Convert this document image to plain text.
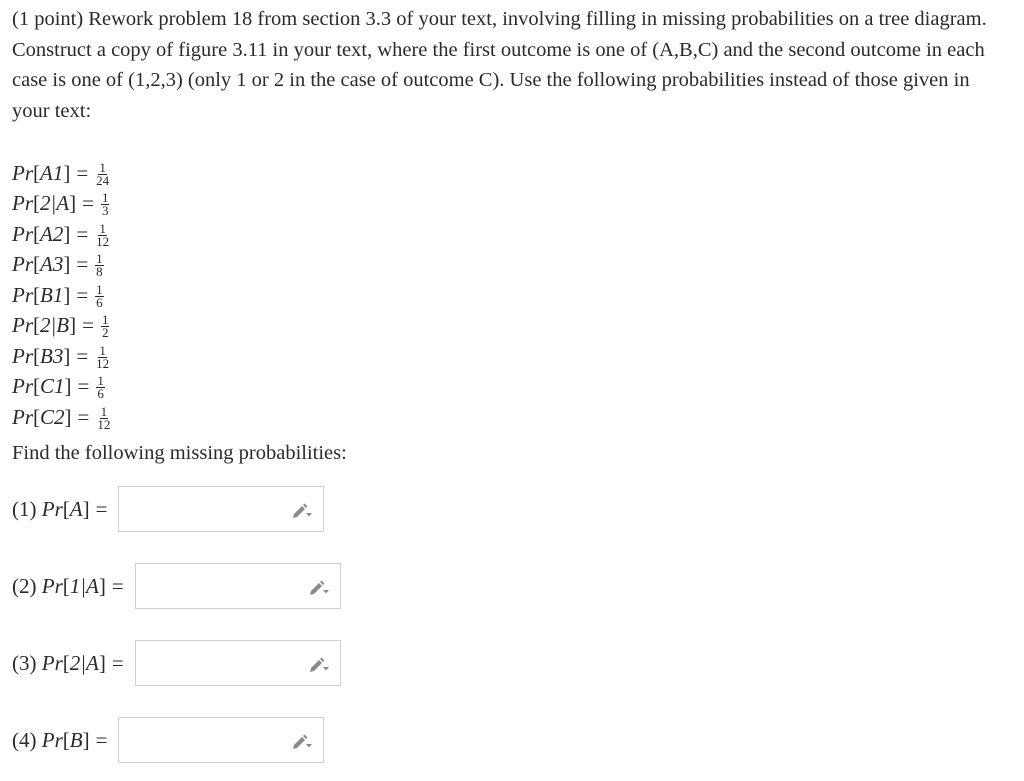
(1 point) Rework problem 18 from section 3.3 of your text, involving filling in missing probabilities on a tree diagram. Construct a copy of figure 3.11 in your text, where the first outcome is one of (A,B,C) and the second outcome in each case is one of (1,2,3) (only 1 or 2 in the case of outcome C). Use the following probabilities instead of those given in your text:

Pr [ A1 ] = $\frac{1}{24}$
Pr [ 2|A ] = $\frac{1}{3}$
Pr [ A2 ] = $\frac{1}{12}$
Pr [ A3 ] = $\frac{1}{8}$
Pr [ B1 ] = $\frac{1}{6}$
Pr [ 2|B ] = $\frac{1}{2}$
Pr [ B3 ] = $\frac{1}{12}$
Pr [ C1 ] = $\frac{1}{6}$
Pr [ C2 ] = $\frac{1}{12}$

Find the following missing probabilities:

(1)
Pr [ A ] =
(2)
Pr [ 1|A ] =
(3)
Pr [ 2|A ] =
(4)
Pr [ B ] =
